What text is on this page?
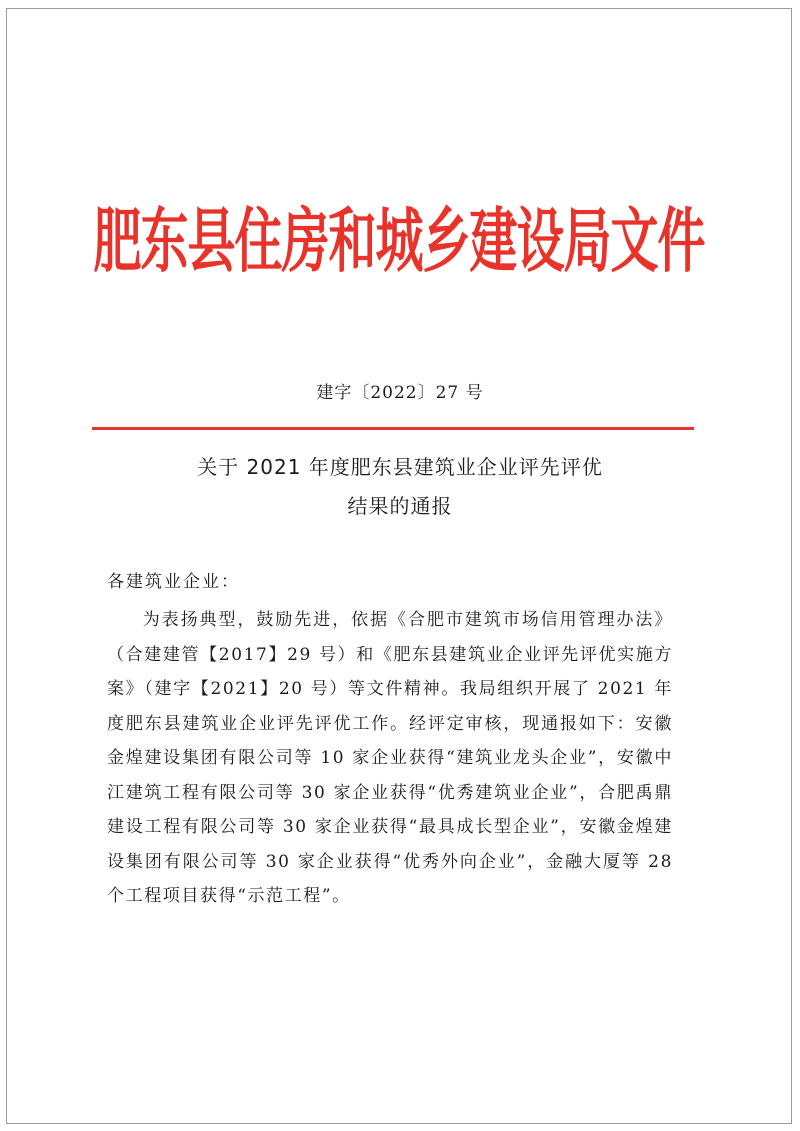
肥东县住房和城乡建设局文件
建字〔2022〕27 号
关于 2021 年度肥东县建筑业企业评先评优
结果的通报
各建筑业企业：
为表扬典型，鼓励先进，依据《合肥市建筑市场信用管理办法》（合建建管【2017】29 号）和《肥东县建筑业企业评先评优实施方案》（建字【2021】20 号）等文件精神。我局组织开展了 2021 年度肥东县建筑业企业评先评优工作。经评定审核，现通报如下：安徽金煌建设集团有限公司等 10 家企业获得“建筑业龙头企业”，安徽中江建筑工程有限公司等 30 家企业获得“优秀建筑业企业”，合肥禹鼎建设工程有限公司等 30 家企业获得“最具成长型企业”，安徽金煌建设集团有限公司等 30 家企业获得“优秀外向企业”，金融大厦等 28 个工程项目获得“示范工程”。
